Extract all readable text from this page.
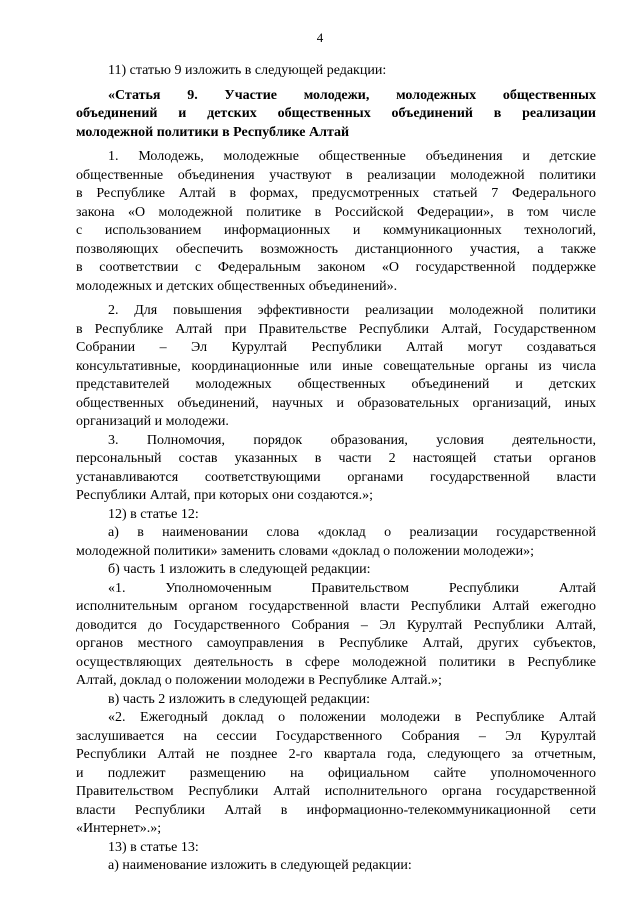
4

11) статью 9 изложить в следующей редакции:

«Статья 9. Участие молодежи, молодежных общественных

объединений и детских общественных объединений в реализации

молодежной политики в Республике Алтай

1. Молодежь, молодежные общественные объединения и детские

общественные объединения участвуют в реализации молодежной политики

в Республике Алтай в формах, предусмотренных статьей 7 Федерального

закона «О молодежной политике в Российской Федерации», в том числе

с использованием информационных и коммуникационных технологий,

позволяющих обеспечить возможность дистанционного участия, а также

в соответствии с Федеральным законом «О государственной поддержке

молодежных и детских общественных объединений».

2. Для повышения эффективности реализации молодежной политики

в Республике Алтай при Правительстве Республики Алтай, Государственном

Собрании – Эл Курултай Республики Алтай могут создаваться

консультативные, координационные или иные совещательные органы из числа

представителей молодежных общественных объединений и детских

общественных объединений, научных и образовательных организаций, иных

организаций и молодежи.

3. Полномочия, порядок образования, условия деятельности,

персональный состав указанных в части 2 настоящей статьи органов

устанавливаются соответствующими органами государственной власти

Республики Алтай, при которых они создаются.»;

12) в статье 12:

а) в наименовании слова «доклад о реализации государственной

молодежной политики» заменить словами «доклад о положении молодежи»;

б) часть 1 изложить в следующей редакции:

«1. Уполномоченным Правительством Республики Алтай

исполнительным органом государственной власти Республики Алтай ежегодно

доводится до Государственного Собрания – Эл Курултай Республики Алтай,

органов местного самоуправления в Республике Алтай, других субъектов,

осуществляющих деятельность в сфере молодежной политики в Республике

Алтай, доклад о положении молодежи в Республике Алтай.»;

в) часть 2 изложить в следующей редакции:

«2. Ежегодный доклад о положении молодежи в Республике Алтай

заслушивается на сессии Государственного Собрания – Эл Курултай

Республики Алтай не позднее 2-го квартала года, следующего за отчетным,

и подлежит размещению на официальном сайте уполномоченного

Правительством Республики Алтай исполнительного органа государственной

власти Республики Алтай в информационно-телекоммуникационной сети

«Интернет».»;

13) в статье 13:

а) наименование изложить в следующей редакции:
